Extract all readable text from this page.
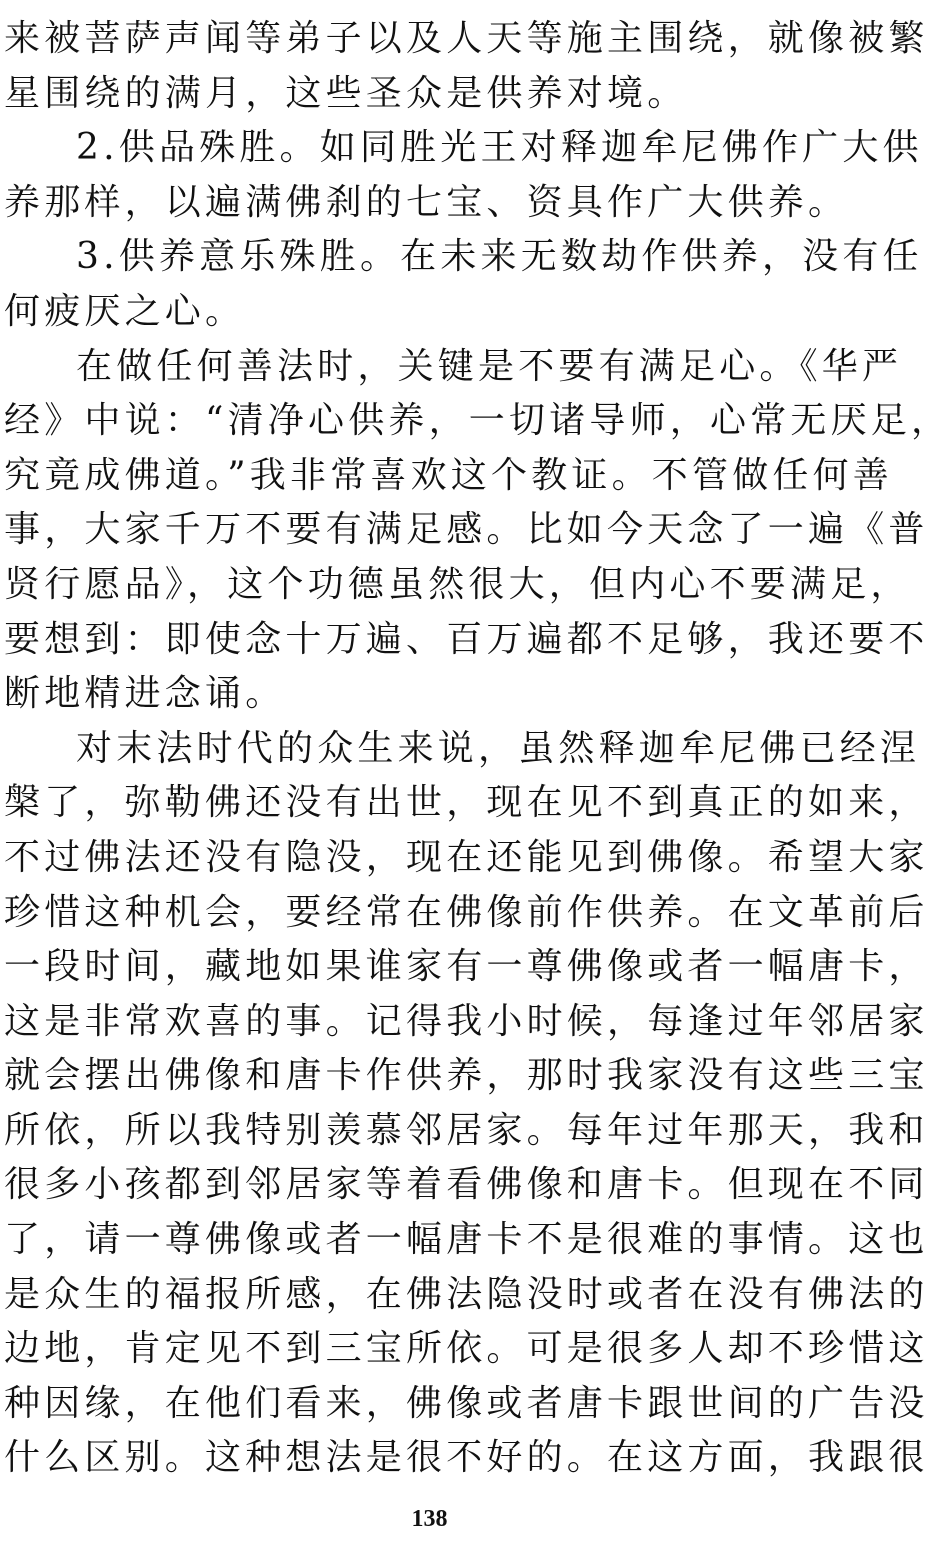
来被菩萨声闻等弟子以及人天等施主围绕，就像被繁
星围绕的满月，这些圣众是供养对境。
2.供品殊胜。如同胜光王对释迦牟尼佛作广大供
养那样，以遍满佛刹的七宝、资具作广大供养。
3.供养意乐殊胜。在未来无数劫作供养，没有任
何疲厌之心。
在做任何善法时，关键是不要有满足心。《华严
经》中说：“清净心供养，一切诸导师，心常无厌足，
究竟成佛道。”我非常喜欢这个教证。不管做任何善
事，大家千万不要有满足感。比如今天念了一遍《普
贤行愿品》，这个功德虽然很大，但内心不要满足，
要想到：即使念十万遍、百万遍都不足够，我还要不
断地精进念诵。
对末法时代的众生来说，虽然释迦牟尼佛已经涅
槃了，弥勒佛还没有出世，现在见不到真正的如来，
不过佛法还没有隐没，现在还能见到佛像。希望大家
珍惜这种机会，要经常在佛像前作供养。在文革前后
一段时间，藏地如果谁家有一尊佛像或者一幅唐卡，
这是非常欢喜的事。记得我小时候，每逢过年邻居家
就会摆出佛像和唐卡作供养，那时我家没有这些三宝
所依，所以我特别羡慕邻居家。每年过年那天，我和
很多小孩都到邻居家等着看佛像和唐卡。但现在不同
了，请一尊佛像或者一幅唐卡不是很难的事情。这也
是众生的福报所感，在佛法隐没时或者在没有佛法的
边地，肯定见不到三宝所依。可是很多人却不珍惜这
种因缘，在他们看来，佛像或者唐卡跟世间的广告没
什么区别。这种想法是很不好的。在这方面，我跟很
138
